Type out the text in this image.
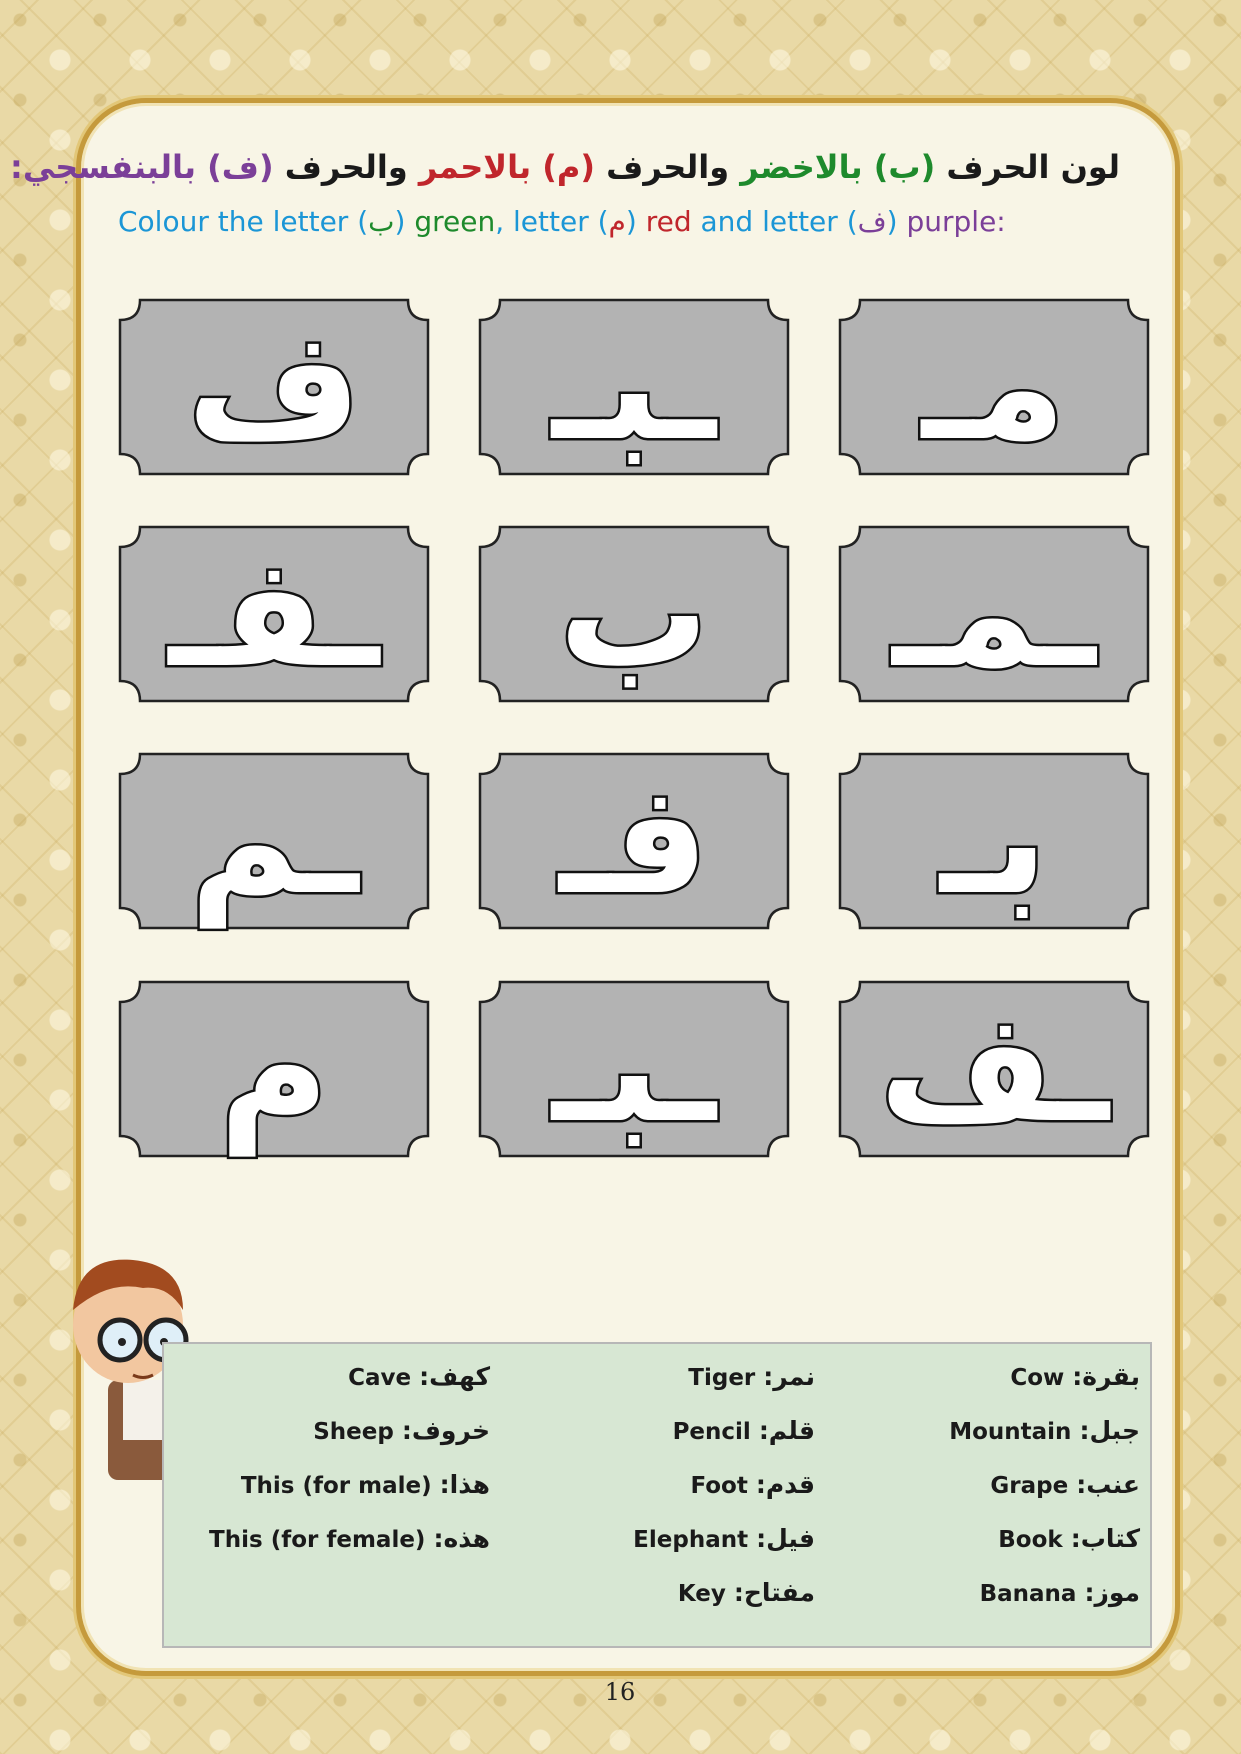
لون الحرف (ب) بالاخضر والحرف (م) بالاحمر والحرف (ف) بالبنفسجي:
Colour the letter (ب) green, letter (م) red and letter (ف) purple:
ف	ـبـ	مـ
ـفـ	ب	ـمـ
ـم	فـ	بـ
م	ـبـ	ـف
بقرة: Cow
جبل: Mountain
عنب: Grape
كتاب: Book
موز: Banana
نمر: Tiger
قلم: Pencil
قدم: Foot
فيل: Elephant
مفتاح: Key
كهف: Cave
خروف: Sheep
هذا: This (for male)
هذه: This (for female)
16
